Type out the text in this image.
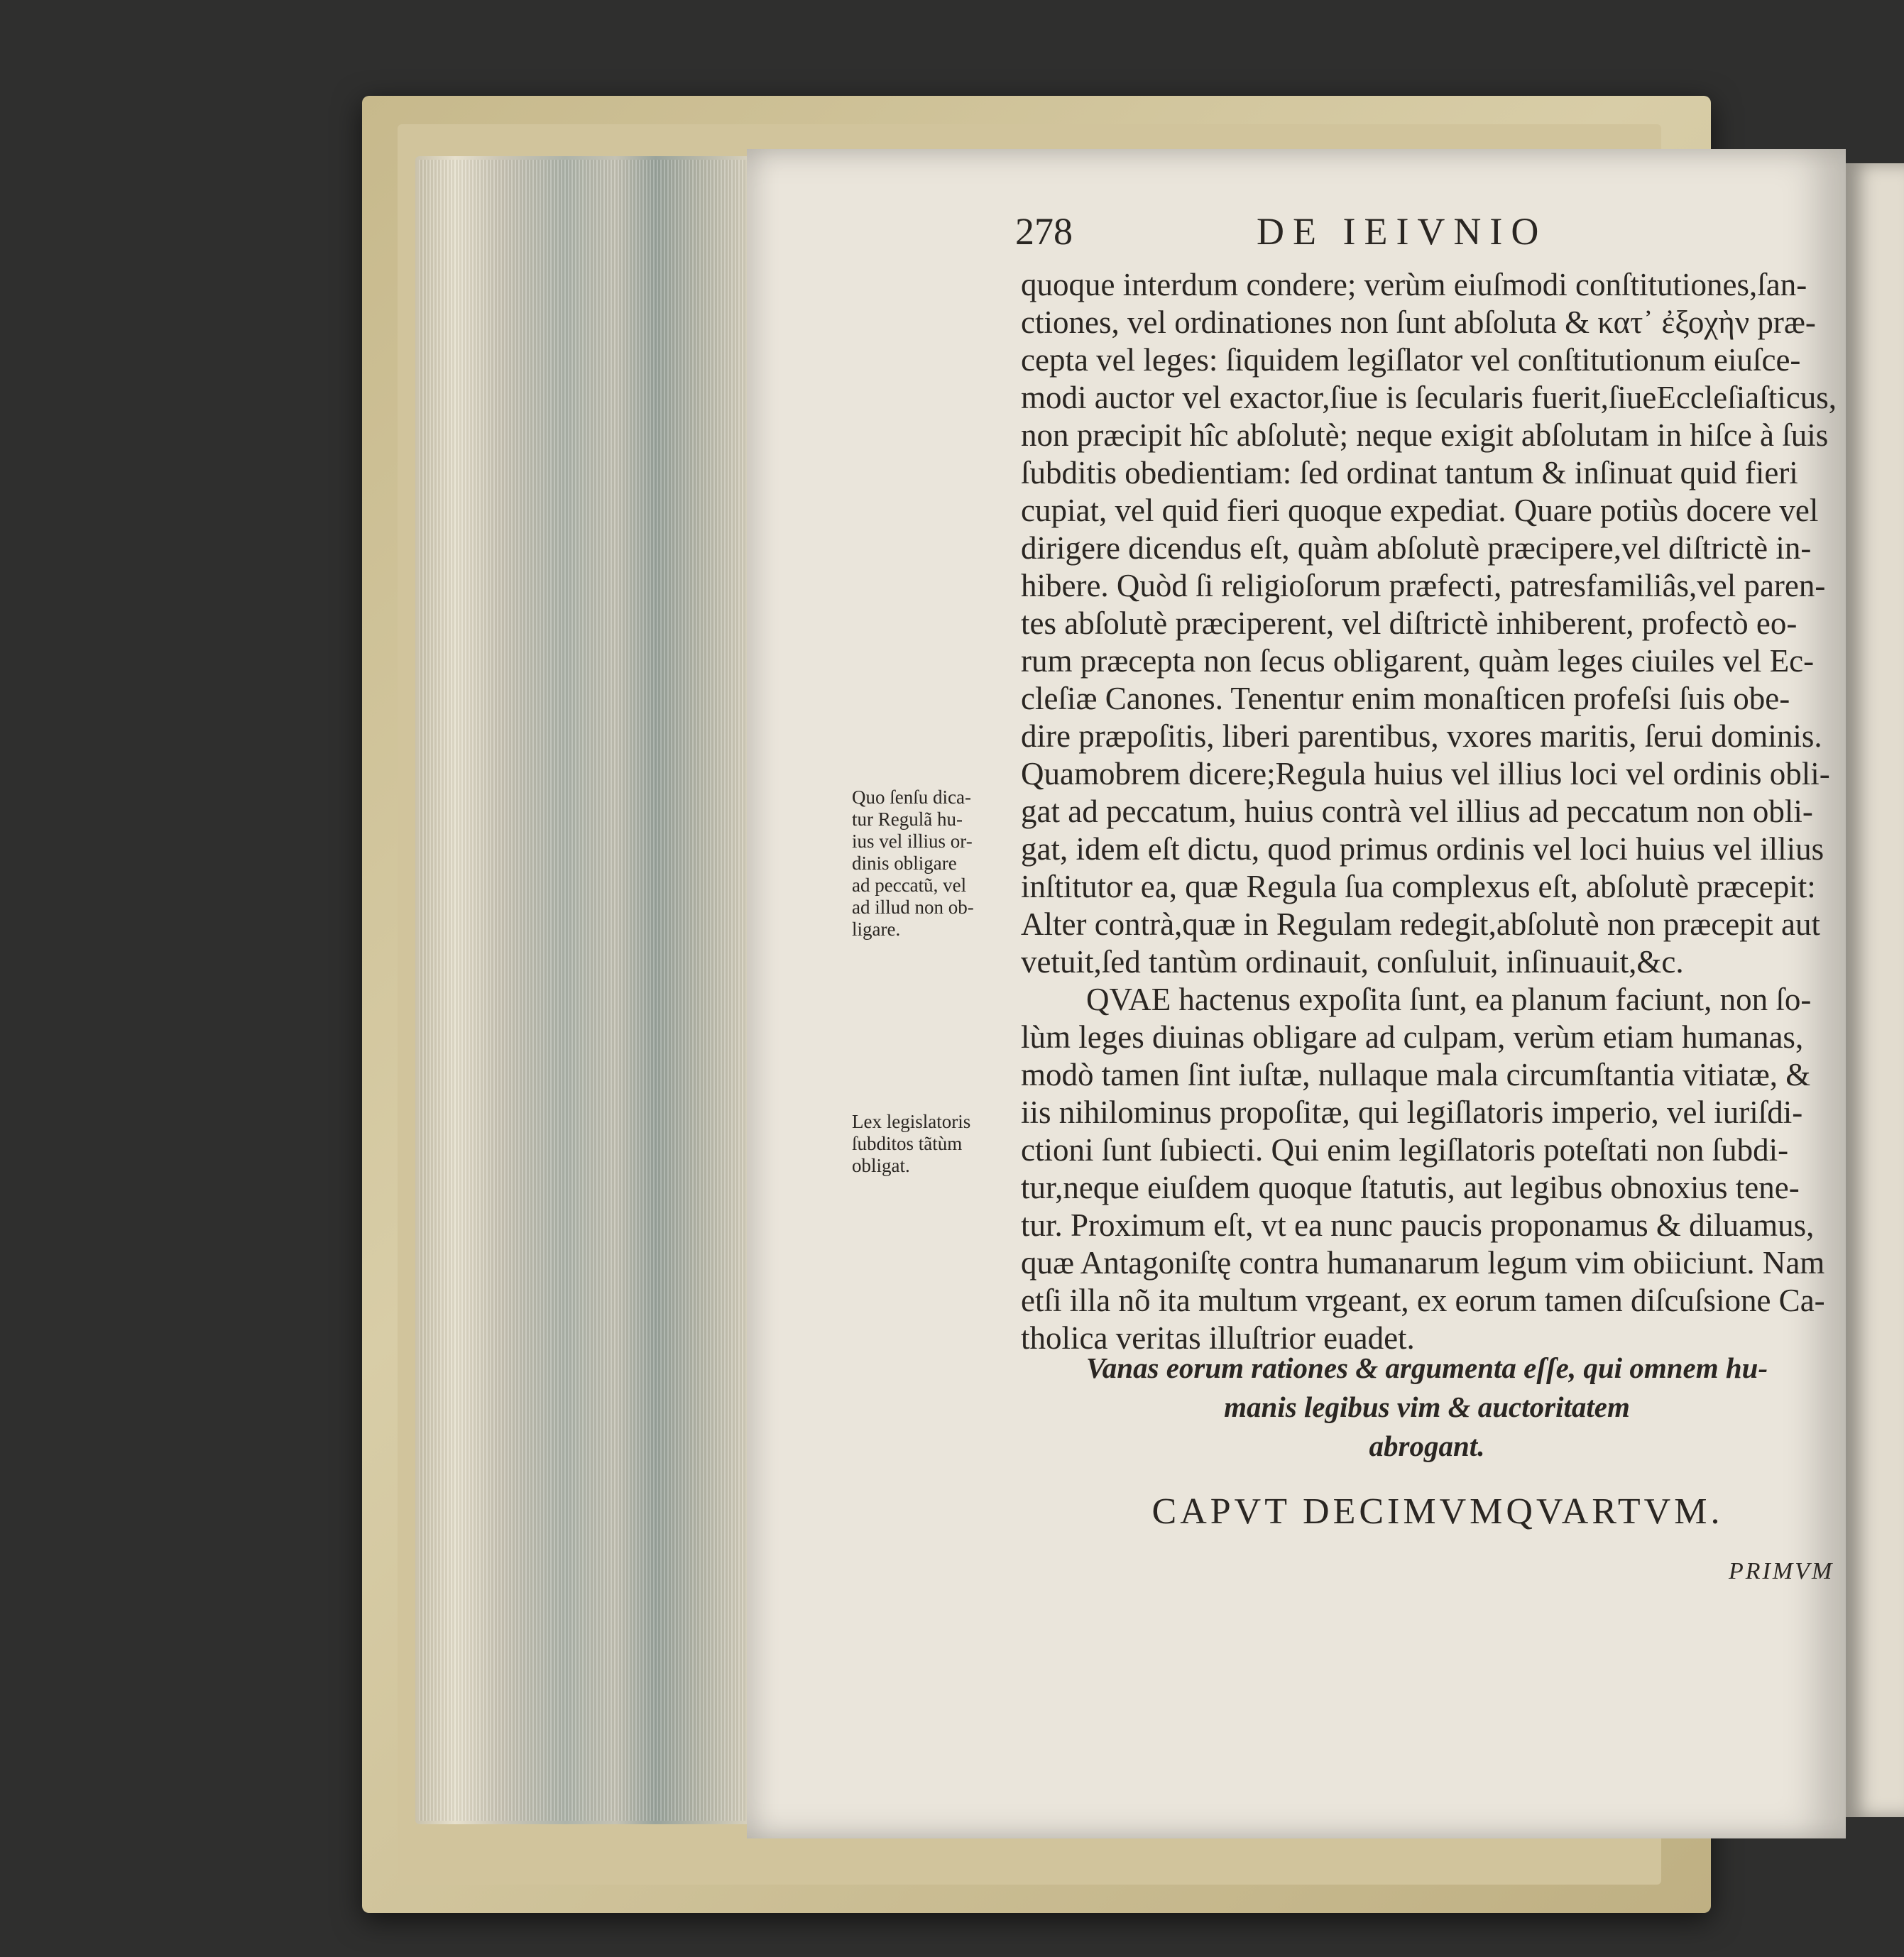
278	DE IEIVNIO
quoque interdum condere; verùm eiuſmodi conſtitutiones,ſan-
ctiones, vel ordinationes non ſunt abſoluta & κατ᾽ ἐξοχὴν præ-
cepta vel leges: ſiquidem legiſlator vel conſtitutionum eiuſce-
modi auctor vel exactor,ſiue is ſecularis fuerit,ſiueEccleſiaſticus,
non præcipit hîc abſolutè; neque exigit abſolutam in hiſce à ſuis
ſubditis obedientiam: ſed ordinat tantum & inſinuat quid fieri
cupiat, vel quid fieri quoque expediat. Quare potiùs docere vel
dirigere dicendus eſt, quàm abſolutè præcipere,vel diſtrictè in-
hibere. Quòd ſi religioſorum præfecti, patresfamiliâs,vel paren-
tes abſolutè præciperent, vel diſtrictè inhiberent, profectò eo-
rum præcepta non ſecus obligarent, quàm leges ciuiles vel Ec-
cleſiæ Canones. Tenentur enim monaſticen profeſsi ſuis obe-
dire præpoſitis, liberi parentibus, vxores maritis, ſerui dominis.
Quamobrem dicere;Regula huius vel illius loci vel ordinis obli-
gat ad peccatum, huius contrà vel illius ad peccatum non obli-
gat, idem eſt dictu, quod primus ordinis vel loci huius vel illius
inſtitutor ea, quæ Regula ſua complexus eſt, abſolutè præcepit:
Alter contrà,quæ in Regulam redegit,abſolutè non præcepit aut
vetuit,ſed tantùm ordinauit, conſuluit, inſinuauit,&c.
QVAE hactenus expoſita ſunt, ea planum faciunt, non ſo-
lùm leges diuinas obligare ad culpam, verùm etiam humanas,
modò tamen ſint iuſtæ, nullaque mala circumſtantia vitiatæ, &
iis nihilominus propoſitæ, qui legiſlatoris imperio, vel iuriſdi-
ctioni ſunt ſubiecti. Qui enim legiſlatoris poteſtati non ſubdi-
tur,neque eiuſdem quoque ſtatutis, aut legibus obnoxius tene-
tur. Proximum eſt, vt ea nunc paucis proponamus & diluamus,
quæ Antagoniſtę contra humanarum legum vim obiiciunt. Nam
etſi illa nõ ita multum vrgeant, ex eorum tamen diſcuſsione Ca-
tholica veritas illuſtrior euadet.
Quo ſenſu dica-
tur Regulã hu-
ius vel illius or-
dinis obligare
ad peccatũ, vel
ad illud non ob-
ligare.
Lex legislatoris
ſubditos tãtùm
obligat.
Vanas eorum rationes & argumenta eſſe, qui omnem hu-
manis legibus vim & auctoritatem
abrogant.
CAPVT DECIMVMQVARTVM.
PRIMVM
